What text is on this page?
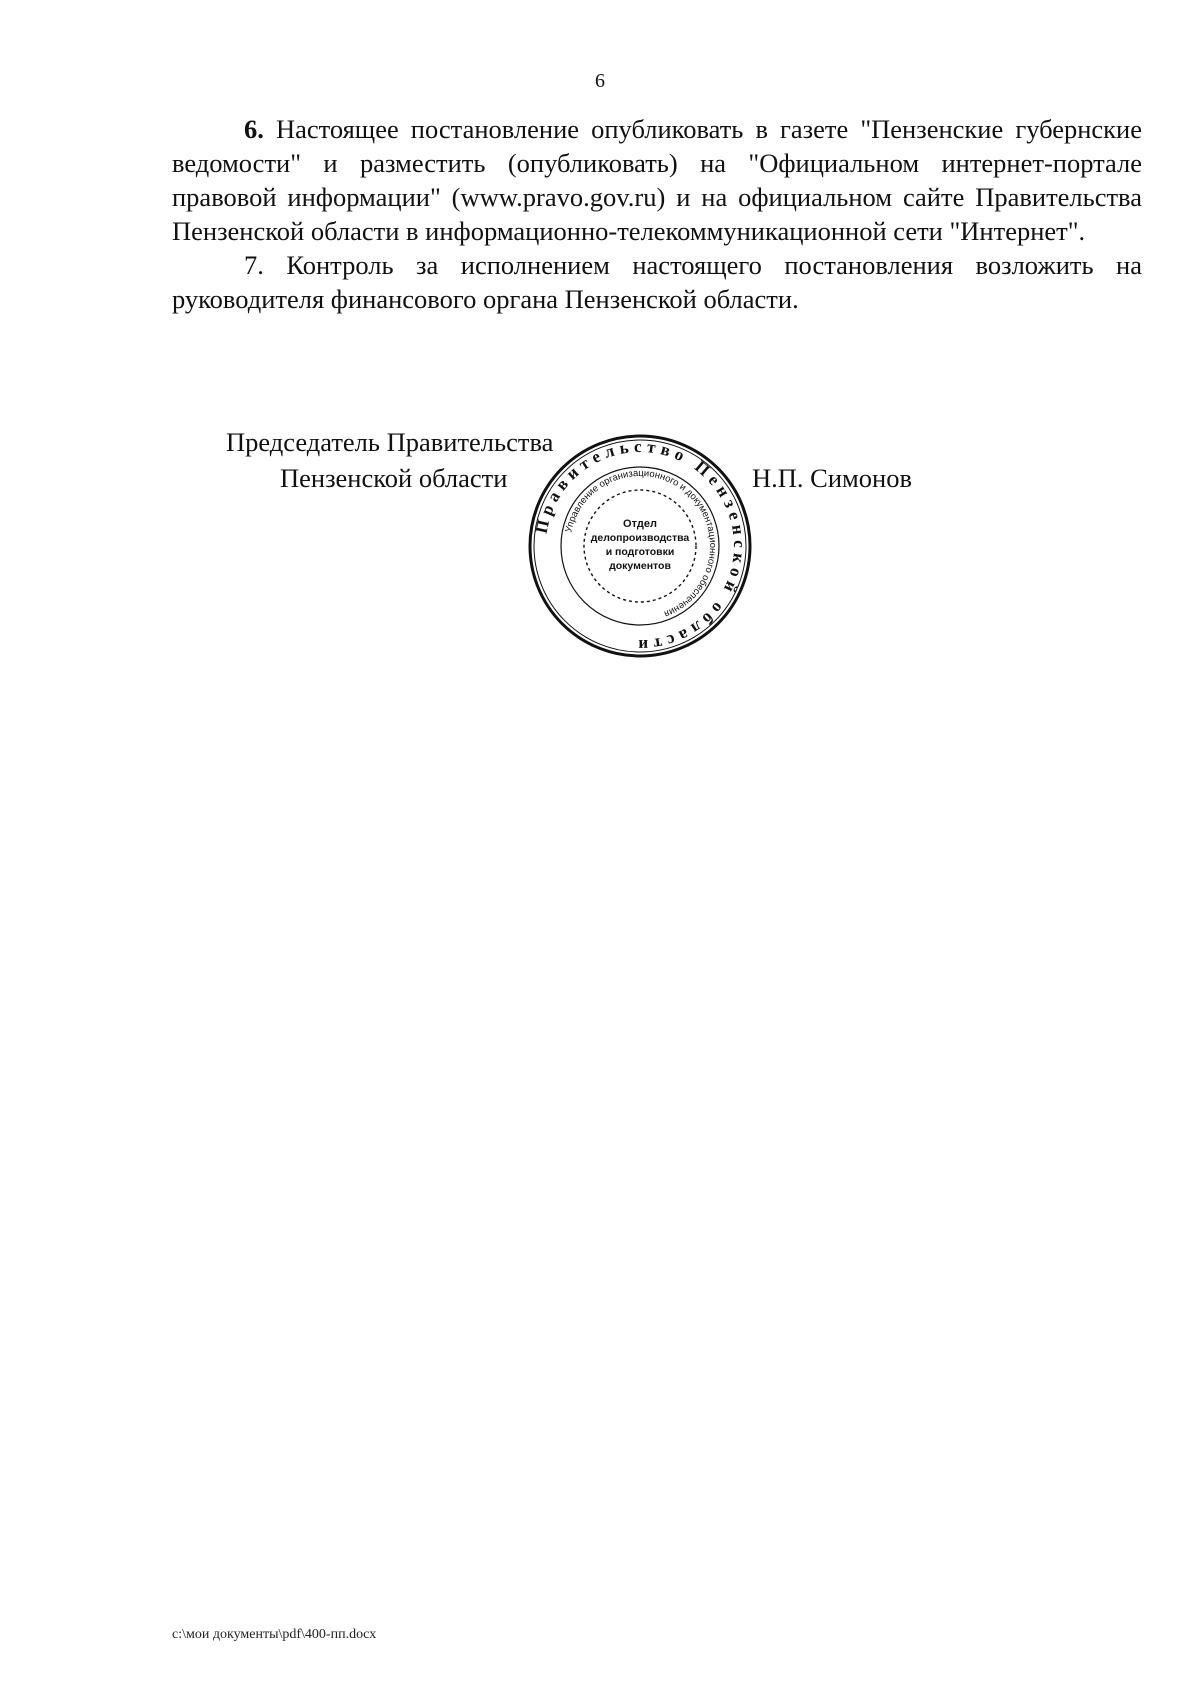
6

6. Настоящее постановление опубликовать в газете "Пензенские губернские ведомости" и разместить (опубликовать) на "Официальном интернет-портале правовой информации" (www.pravo.gov.ru) и на официальном сайте Правительства Пензенской области в информационно-телекоммуникационной сети "Интернет".

7. Контроль за исполнением настоящего постановления возложить на руководителя финансового органа Пензенской области.

Правительство Пензенской области
Управление организационного и документационного обеспечения
Отдел
делопроизводства
и подготовки
документов
Председатель Правительства
Пензенской области	Н.П. Симонов
c:\мои документы\pdf\400-пп.docx
